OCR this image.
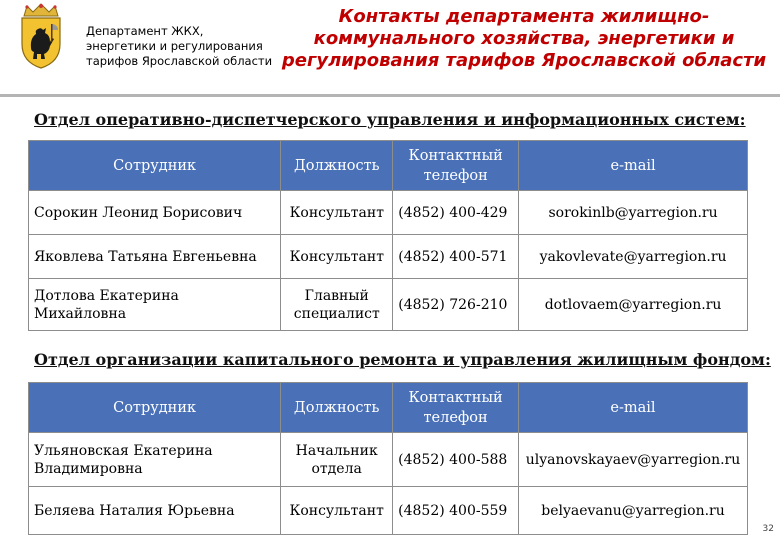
Департамент ЖКХ, энергетики и регулирования тарифов Ярославской области
Контакты департамента жилищно-коммунального хозяйства, энергетики и регулирования тарифов Ярославской области
Отдел оперативно-диспетчерского управления и информационных систем:
Сотрудник	Должность	Контактный телефон	e-mail
Сорокин Леонид Борисович	Консультант	(4852) 400-429	sorokinlb@yarregion.ru
Яковлева Татьяна Евгеньевна	Консультант	(4852) 400-571	yakovlevate@yarregion.ru
Дотлова Екатерина Михайловна	Главный специалист	(4852) 726-210	dotlovaem@yarregion.ru
Отдел организации капитального ремонта и управления жилищным фондом:
Сотрудник	Должность	Контактный телефон	e-mail
Ульяновская Екатерина Владимировна	Начальник отдела	(4852) 400-588	ulyanovskayaev@yarregion.ru
Беляева Наталия Юрьевна	Консультант	(4852) 400-559	belyaevanu@yarregion.ru
32
